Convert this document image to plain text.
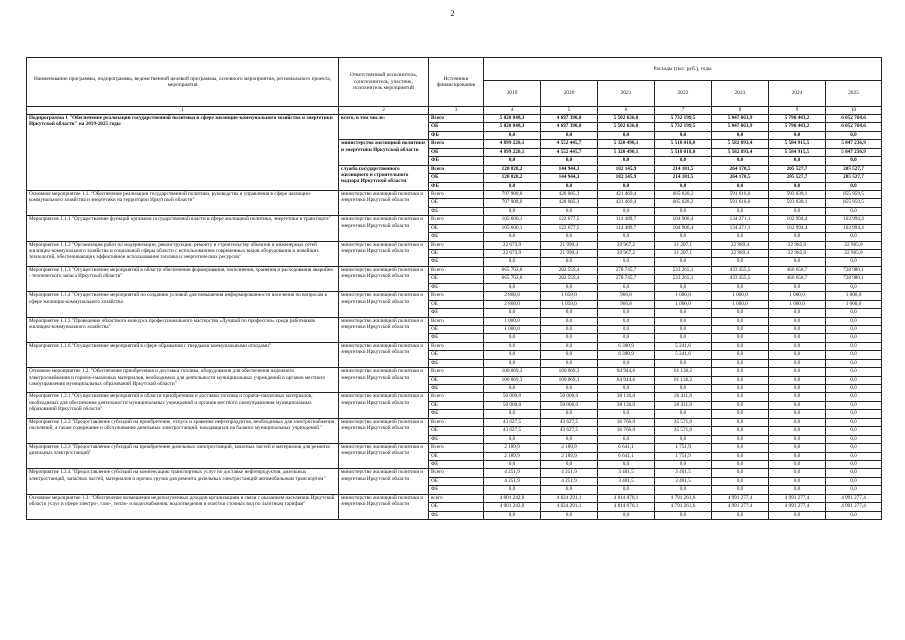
2
Наименование программы, подпрограммы, ведомственной целевой программы, основного мероприятия, регионального проекта, мероприятия	Ответственный исполнитель, соисполнитель, участник, исполнитель мероприятий	Источники финансирования	Расходы (тыс. руб.), годы						
			2019	2020	2021	2022	2023	2024	2025
1	2	3	4	5	6	7	8	9	10
Подпрограмма 1 "Обеспечение реализации государственной политики в сфере жилищно-коммунального хозяйства и энергетики Иркутской области" на 2019-2025 годы	всего, в том числе:	Всего	5 020 048,3	4 697 390,0	5 502 636,0	5 732 199,5	5 847 063,9	5 790 443,2	6 052 764,6
		ОБ	5 020 048,3	4 697 390,0	5 502 636,0	5 732 199,5	5 847 063,9	5 790 443,2	6 052 764,6
		ФБ	0,0	0,0	0,0	0,0	0,0	0,0	0,0
	министерство жилищной политики и энергетики Иркутской области	Всего	4 899 220,1	4 552 445,7	5 320 490,1	5 518 018,0	5 582 893,4	5 584 915,5	5 847 236,9
		ОБ	4 899 220,1	4 552 445,7	5 320 490,1	5 518 018,0	5 582 893,4	5 584 915,5	5 847 236,9
		ФБ	0,0	0,0	0,0	0,0	0,0	0,0	0,0
	служба государственного жилищного и строительного надзора Иркутской области	Всего	120 828,2	144 944,3	182 145,9	214 181,5	264 170,5	205 527,7	205 527,7
		ОБ	120 828,2	144 944,3	182 145,9	214 181,5	264 170,5	205 527,7	205 527,7
		ФБ	0,0	0,0	0,0	0,0	0,0	0,0	0,0
Основное мероприятие 1.1. "Обеспечение реализации государственной политики, руководства и управления в сфере жилищно-коммунального хозяйства и энергетики на территории Иркутской области"	министерство жилищной политики и энергетики Иркутской области	Всего	797 908,0	428 085,3	421 469,4	665 620,2	591 616,0	593 638,1	855 959,5
		ОБ	797 908,0	428 085,3	421 469,4	665 620,2	591 616,0	593 638,1	855 959,5
		ФБ	0,0	0,0	0,0	0,0	0,0	0,0	0,0
Мероприятие 1.1.1 "Осуществление функций органами государственной власти в сфере жилищной политики, энергетики и транспорта"	министерство жилищной политики и энергетики Иркутской области	Всего	105 606,1	122 677,5	114 489,7	104 906,4	134 271,1	102 994,4	102 994,4
		ОБ	105 606,1	122 677,5	114 489,7	104 906,4	134 271,1	102 994,4	102 994,4
		ФБ	0,0	0,0	0,0	0,0	0,0	0,0	0,0
Мероприятие 1.1.2 "Организация работ по модернизации, реконструкции, ремонту и строительству объектов и инженерных сетей жилищно-коммунального хозяйства и социальной сферы области с использованием современных видов оборудования и новейших технологий, обеспечивающих эффективное использование топлива и энергетических ресурсов"	министерство жилищной политики и энергетики Иркутской области	Всего	22 673,9	21 990,4	20 967,2	21 207,1	22 989,4	22 985,0	22 985,0
		ОБ	22 673,9	21 990,4	20 967,2	21 207,1	22 989,4	22 985,0	22 985,0
		ФБ	0,0	0,0	0,0	0,0	0,0	0,0	0,0
Мероприятие 1.1.3 "Осуществление мероприятий в области обеспечения формирования, пополнения, хранения и расходования аварийно - технического запаса Иркутской области"	министерство жилищной политики и энергетики Иркутской области	Всего	665 762,0	282 559,4	278 745,7	533 265,1	433 355,5	466 658,7	728 980,1
		ОБ	665 762,0	282 559,4	278 745,7	533 265,1	433 355,5	466 658,7	728 980,1
		ФБ	0,0	0,0	0,0	0,0	0,0	0,0	0,0
Мероприятие 1.1.4 "Осуществление мероприятий по созданию условий для повышения информированности населения по вопросам в сфере жилищно-коммунального хозяйства	министерство жилищной политики и энергетики Иркутской области	Всего	2 868,0	1 058,0	966,8	1 000,0	1 000,0	1 000,0	1 000,0
		ОБ	2 868,0	1 058,0	966,8	1 000,0	1 000,0	1 000,0	1 000,0
		ФБ	0,0	0,0	0,0	0,0	0,0	0,0	0,0
Мероприятие 1.1.5 "Проведение областного конкурса профессионального мастерства «Лучший по профессии» среди работников жилищно-коммунального хозяйства"	министерство жилищной политики и энергетики Иркутской области	Всего	1 000,0	0,0	0,0	0,0	0,0	0,0	0,0
		ОБ	1 000,0	0,0	0,0	0,0	0,0	0,0	0,0
		ФБ	0,0	0,0	0,0	0,0	0,0	0,0	0,0
Мероприятие 1.1.6 "Осуществление мероприятий в сфере обращения с твердыми коммунальными отходами"	министерство жилищной политики и энергетики Иркутской области	Всего	0,0	0,0	6 300,9	5 241,6	0,0	0,0	0,0
		ОБ	0,0	0,0	6 300,9	5 241,6	0,0	0,0	0,0
		ФБ	0,0	0,0	0,0	0,0	0,0	0,0	0,0
Основное мероприятие 1.2. "Обеспечение приобретения и доставки топлива, оборудования для обеспечения надежного электроснабжения и горюче-смазочных материалов, необходимых для деятельности муниципальных учреждений и органов местного самоуправления муниципальных образований Иркутской области"	министерство жилищной политики и энергетики Иркутской области	Всего	100 069,3	100 069,3	84 944,6	61 136,2	0,0	0,0	0,0
		ОБ	100 069,3	100 069,3	84 944,6	61 136,2	0,0	0,0	0,0
		ФБ	0,0	0,0	0,0	0,0	0,0	0,0	0,0
Мероприятие 1.2.1 "Осуществление мероприятий в области приобретения и доставки топлива и горюче-смазочных материалов, необходимых для обеспечения деятельности муниципальных учреждений и органов местного самоуправления муниципальных образований Иркутской области"	министерство жилищной политики и энергетики Иркутской области	Всего	50 000,0	50 000,0	38 136,0	20 411,8	0,0	0,0	0,0
		ОБ	50 000,0	50 000,0	38 136,0	20 411,8	0,0	0,0	0,0
		ФБ	0,0	0,0	0,0	0,0	0,0	0,0	0,0
Мероприятие 1.2.2 "Предоставление субсидий на приобретение, отпуск и хранение нефтепродуктов, необходимых для электроснабжения поселений, а также содержание и обслуживание дизельных электростанций, находящихся на балансе муниципальных учреждений "	министерство жилищной политики и энергетики Иркутской области	Всего	43 627,5	43 627,5	36 766,0	35 571,0	0,0	0,0	0,0
		ОБ	43 627,5	43 627,5	36 766,0	35 571,0	0,0	0,0	0,0
		ФБ	0,0	0,0	0,0	0,0	0,0	0,0	0,0
Мероприятие 1.2.3 "Предоставление субсидий на приобретение дизельных электростанций, запасных частей и материалов для ремонта дизельных электростанций"	министерство жилищной политики и энергетики Иркутской области	Всего	2 189,9	2 189,9	6 641,1	1 751,9	0,0	0,0	0,0
		ОБ	2 189,9	2 189,9	6 641,1	1 751,9	0,0	0,0	0,0
		ФБ	0,0	0,0	0,0	0,0	0,0	0,0	0,0
Мероприятие 1.2.4 "Предоставление субсидий на компенсацию транспортных услуг по доставке нефтепродуктов, дизельных электростанций, запасных частей, материалов и прочих грузов для ремонта дизельных электростанций автомобильным транспортом"	министерство жилищной политики и энергетики Иркутской области	Всего	4 251,9	4 251,9	3 401,5	3 401,5	0,0	0,0	0,0
		ОБ	4 251,9	4 251,9	3 401,5	3 401,5	0,0	0,0	0,0
		ФБ	0,0	0,0	0,0	0,0	0,0	0,0	0,0
Основное мероприятие 1.3. "Обеспечение возмещения недополученных доходов организациям в связи с оказанием населению Иркутской области услуг в сфере электро-, газо-, тепло- и водоснабжения, водоотведения и очистки сточных вод по льготным тарифам"	министерство жилищной политики и энергетики Иркутской области	всего	4 001 242,8	4 024 291,1	4 814 076,1	4 791 261,6	4 991 277,4	4 991 277,4	4 991 277,4
		ОБ	4 001 242,8	4 024 291,1	4 814 076,1	4 791 261,6	4 991 277,4	4 991 277,4	4 991 277,4
		ФБ	0,0	0,0	0,0	0,0	0,0	0,0	0,0
